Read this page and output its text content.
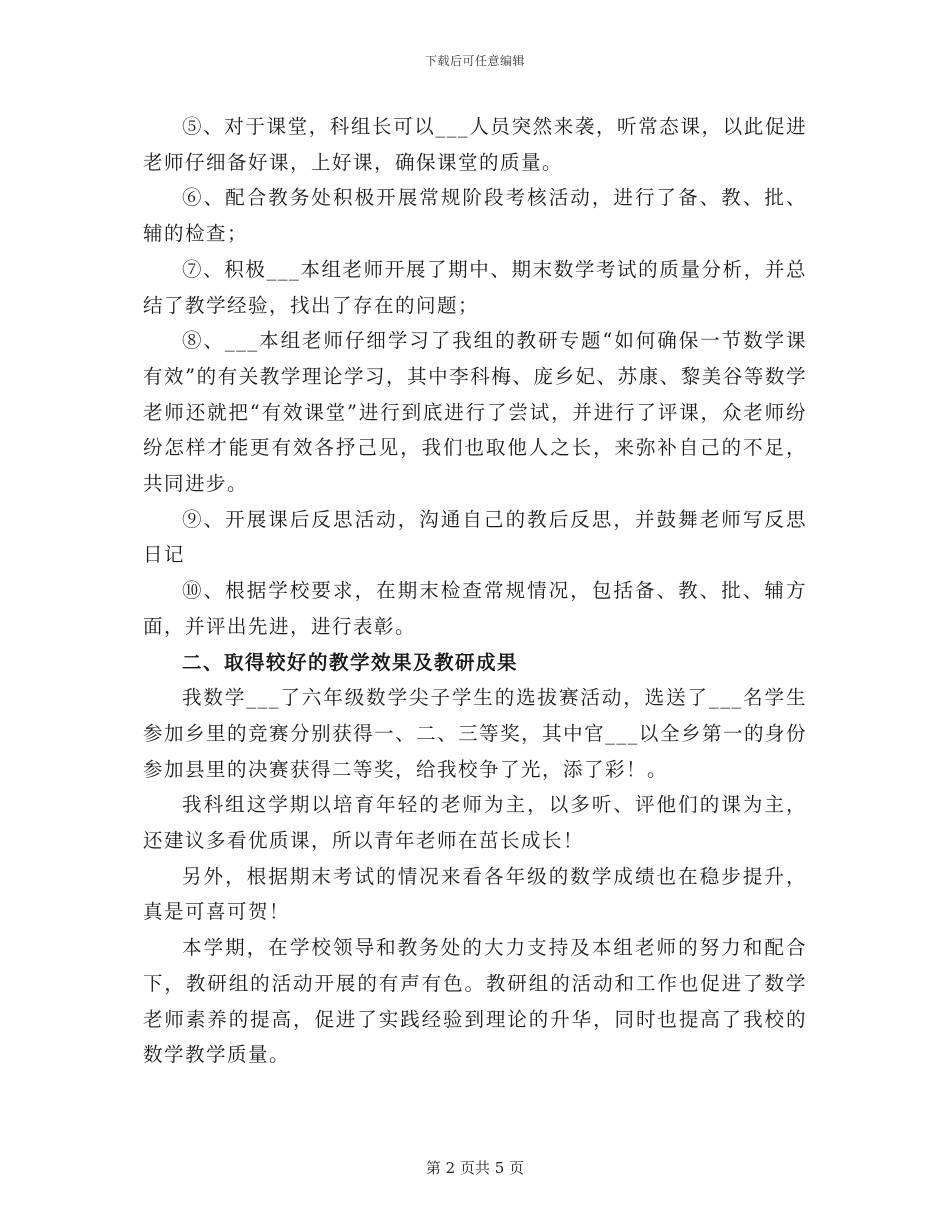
下载后可任意编辑

⑤、对于课堂，科组长可以___人员突然来袭，听常态课，以此促进老师仔细备好课，上好课，确保课堂的质量。

⑥、配合教务处积极开展常规阶段考核活动，进行了备、教、批、辅的检查；

⑦、积极___本组老师开展了期中、期末数学考试的质量分析，并总结了教学经验，找出了存在的问题；

⑧、___本组老师仔细学习了我组的教研专题“如何确保一节数学课有效”的有关教学理论学习，其中李科梅、庞乡妃、苏康、黎美谷等数学老师还就把“有效课堂”进行到底进行了尝试，并进行了评课，众老师纷纷怎样才能更有效各抒己见，我们也取他人之长，来弥补自己的不足，共同进步。

⑨、开展课后反思活动，沟通自己的教后反思，并鼓舞老师写反思日记

⑩、根据学校要求，在期末检查常规情况，包括备、教、批、辅方面，并评出先进，进行表彰。

二、取得较好的教学效果及教研成果

我数学___了六年级数学尖子学生的选拔赛活动，选送了___名学生参加乡里的竞赛分别获得一、二、三等奖，其中官___以全乡第一的身份参加县里的决赛获得二等奖，给我校争了光，添了彩！。

我科组这学期以培育年轻的老师为主，以多听、评他们的课为主，还建议多看优质课，所以青年老师在茁长成长！

另外，根据期末考试的情况来看各年级的数学成绩也在稳步提升，真是可喜可贺！

本学期，在学校领导和教务处的大力支持及本组老师的努力和配合下，教研组的活动开展的有声有色。教研组的活动和工作也促进了数学老师素养的提高，促进了实践经验到理论的升华，同时也提高了我校的数学教学质量。

第 2 页共 5 页
